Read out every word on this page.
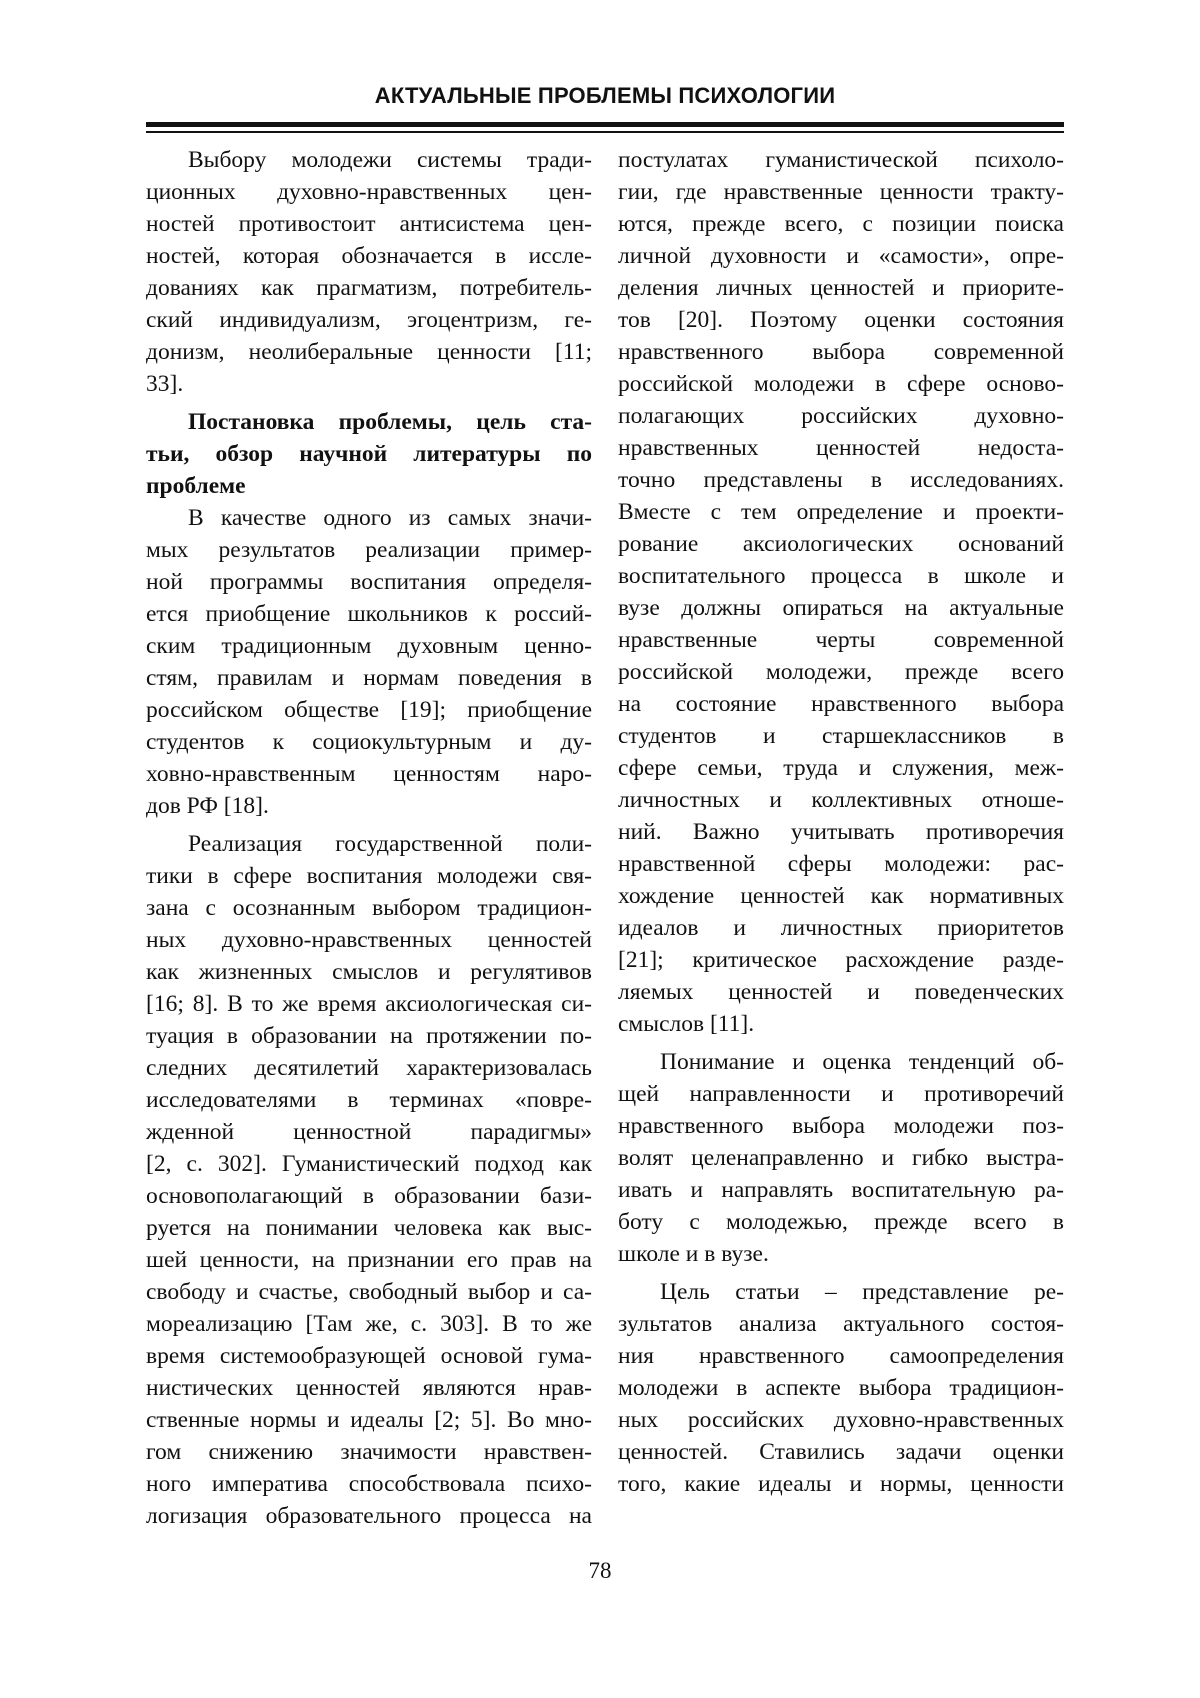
АКТУАЛЬНЫЕ ПРОБЛЕМЫ ПСИХОЛОГИИ
Выбору молодежи системы тради-
ционных духовно-нравственных цен-
ностей противостоит антисистема цен-
ностей, которая обозначается в иссле-
дованиях как прагматизм, потребитель-
ский индивидуализм, эгоцентризм, ге-
донизм, неолиберальные ценности [11;
33].
Постановка проблемы, цель ста-
тьи, обзор научной литературы по
проблеме
В качестве одного из самых значи-
мых результатов реализации пример-
ной программы воспитания определя-
ется приобщение школьников к россий-
ским традиционным духовным ценно-
стям, правилам и нормам поведения в
российском обществе [19]; приобщение
студентов к социокультурным и ду-
ховно-нравственным ценностям наро-
дов РФ [18].
Реализация государственной поли-
тики в сфере воспитания молодежи свя-
зана с осознанным выбором традицион-
ных духовно-нравственных ценностей
как жизненных смыслов и регулятивов
[16; 8]. В то же время аксиологическая си-
туация в образовании на протяжении по-
следних десятилетий характеризовалась
исследователями в терминах «повре-
жденной ценностной парадигмы»
[2, с. 302]. Гуманистический подход как
основополагающий в образовании бази-
руется на понимании человека как выс-
шей ценности, на признании его прав на
свободу и счастье, свободный выбор и са-
мореализацию [Там же, с. 303]. В то же
время системообразующей основой гума-
нистических ценностей являются нрав-
ственные нормы и идеалы [2; 5]. Во мно-
гом снижению значимости нравствен-
ного императива способствовала психо-
логизация образовательного процесса на
постулатах гуманистической психоло-
гии, где нравственные ценности тракту-
ются, прежде всего, с позиции поиска
личной духовности и «самости», опре-
деления личных ценностей и приорите-
тов [20]. Поэтому оценки состояния
нравственного выбора современной
российской молодежи в сфере осново-
полагающих российских духовно-
нравственных ценностей недоста-
точно представлены в исследованиях.
Вместе с тем определение и проекти-
рование аксиологических оснований
воспитательного процесса в школе и
вузе должны опираться на актуальные
нравственные черты современной
российской молодежи, прежде всего
на состояние нравственного выбора
студентов и старшеклассников в
сфере семьи, труда и служения, меж-
личностных и коллективных отноше-
ний. Важно учитывать противоречия
нравственной сферы молодежи: рас-
хождение ценностей как нормативных
идеалов и личностных приоритетов
[21]; критическое расхождение разде-
ляемых ценностей и поведенческих
смыслов [11].
Понимание и оценка тенденций об-
щей направленности и противоречий
нравственного выбора молодежи поз-
волят целенаправленно и гибко выстра-
ивать и направлять воспитательную ра-
боту с молодежью, прежде всего в
школе и в вузе.
Цель статьи – представление ре-
зультатов анализа актуального состоя-
ния нравственного самоопределения
молодежи в аспекте выбора традицион-
ных российских духовно-нравственных
ценностей. Ставились задачи оценки
того, какие идеалы и нормы, ценности
78
